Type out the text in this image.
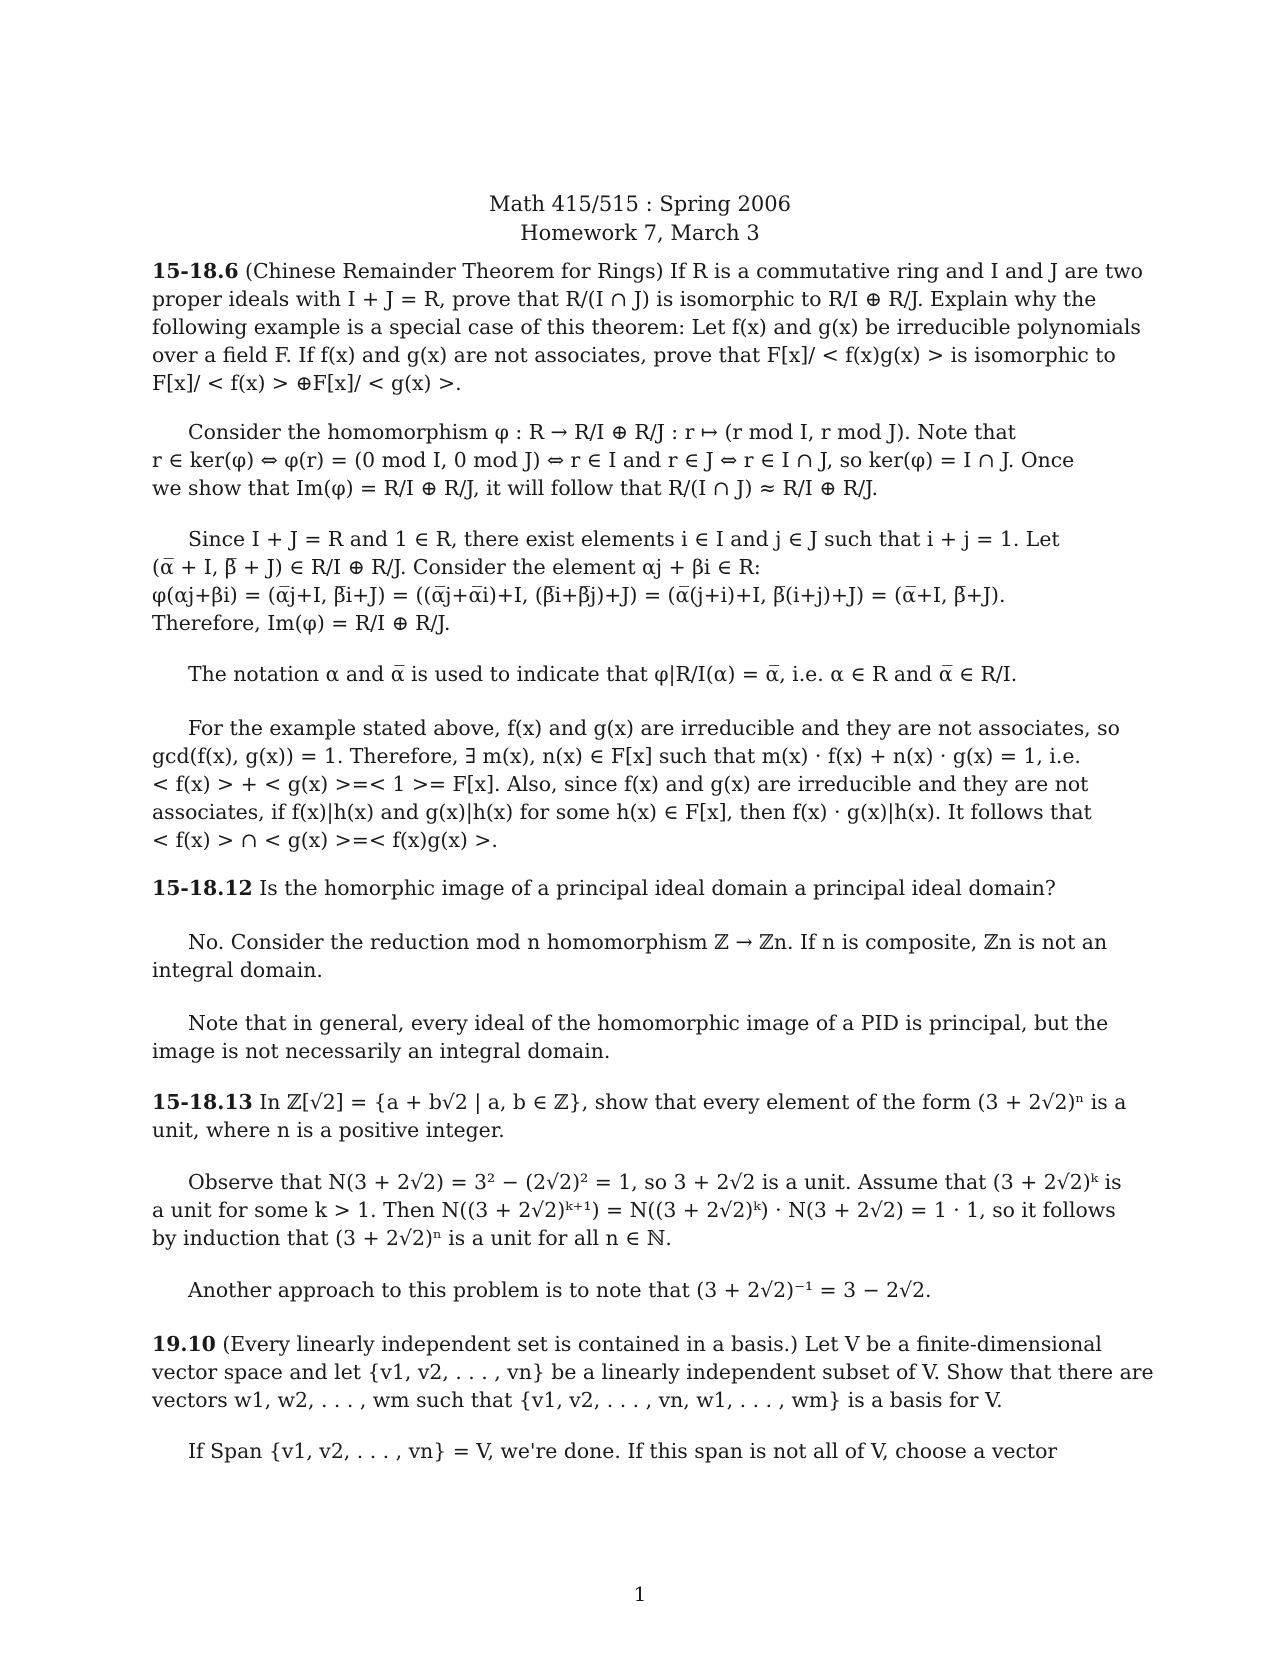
Math 415/515 : Spring 2006
Homework 7, March 3
15-18.6 (Chinese Remainder Theorem for Rings) If R is a commutative ring and I and J are two
proper ideals with I + J = R, prove that R/(I ∩ J) is isomorphic to R/I ⊕ R/J. Explain why the
following example is a special case of this theorem: Let f(x) and g(x) be irreducible polynomials
over a field F. If f(x) and g(x) are not associates, prove that F[x]/ < f(x)g(x) > is isomorphic to
F[x]/ < f(x) > ⊕F[x]/ < g(x) >.
Consider the homomorphism φ : R → R/I ⊕ R/J : r ↦ (r mod I, r mod J). Note that
r ∈ ker(φ) ⇔ φ(r) = (0 mod I, 0 mod J) ⇔ r ∈ I and r ∈ J ⇔ r ∈ I ∩ J, so ker(φ) = I ∩ J. Once
we show that Im(φ) = R/I ⊕ R/J, it will follow that R/(I ∩ J) ≈ R/I ⊕ R/J.
Since I + J = R and 1 ∈ R, there exist elements i ∈ I and j ∈ J such that i + j = 1. Let
(α̅ + I, β̅ + J) ∈ R/I ⊕ R/J. Consider the element αj + βi ∈ R:
φ(αj+βi) = (α̅j+I, β̅i+J) = ((α̅j+α̅i)+I, (β̅i+β̅j)+J) = (α̅(j+i)+I, β̅(i+j)+J) = (α̅+I, β̅+J).
Therefore, Im(φ) = R/I ⊕ R/J.
The notation α and α̅ is used to indicate that φ|R/I(α) = α̅, i.e. α ∈ R and α̅ ∈ R/I.
For the example stated above, f(x) and g(x) are irreducible and they are not associates, so
gcd(f(x), g(x)) = 1. Therefore, ∃ m(x), n(x) ∈ F[x] such that m(x) · f(x) + n(x) · g(x) = 1, i.e.
< f(x) > + < g(x) >=< 1 >= F[x]. Also, since f(x) and g(x) are irreducible and they are not
associates, if f(x)|h(x) and g(x)|h(x) for some h(x) ∈ F[x], then f(x) · g(x)|h(x). It follows that
< f(x) > ∩ < g(x) >=< f(x)g(x) >.
15-18.12 Is the homorphic image of a principal ideal domain a principal ideal domain?
No. Consider the reduction mod n homomorphism ℤ → ℤn. If n is composite, ℤn is not an
integral domain.
Note that in general, every ideal of the homomorphic image of a PID is principal, but the
image is not necessarily an integral domain.
15-18.13 In ℤ[√2] = {a + b√2 | a, b ∈ ℤ}, show that every element of the form (3 + 2√2)ⁿ is a
unit, where n is a positive integer.
Observe that N(3 + 2√2) = 3² − (2√2)² = 1, so 3 + 2√2 is a unit. Assume that (3 + 2√2)ᵏ is
a unit for some k > 1. Then N((3 + 2√2)ᵏ⁺¹) = N((3 + 2√2)ᵏ) · N(3 + 2√2) = 1 · 1, so it follows
by induction that (3 + 2√2)ⁿ is a unit for all n ∈ ℕ.
Another approach to this problem is to note that (3 + 2√2)⁻¹ = 3 − 2√2.
19.10 (Every linearly independent set is contained in a basis.) Let V be a finite-dimensional
vector space and let {v1, v2, . . . , vn} be a linearly independent subset of V. Show that there are
vectors w1, w2, . . . , wm such that {v1, v2, . . . , vn, w1, . . . , wm} is a basis for V.
If Span {v1, v2, . . . , vn} = V, we're done. If this span is not all of V, choose a vector
1
